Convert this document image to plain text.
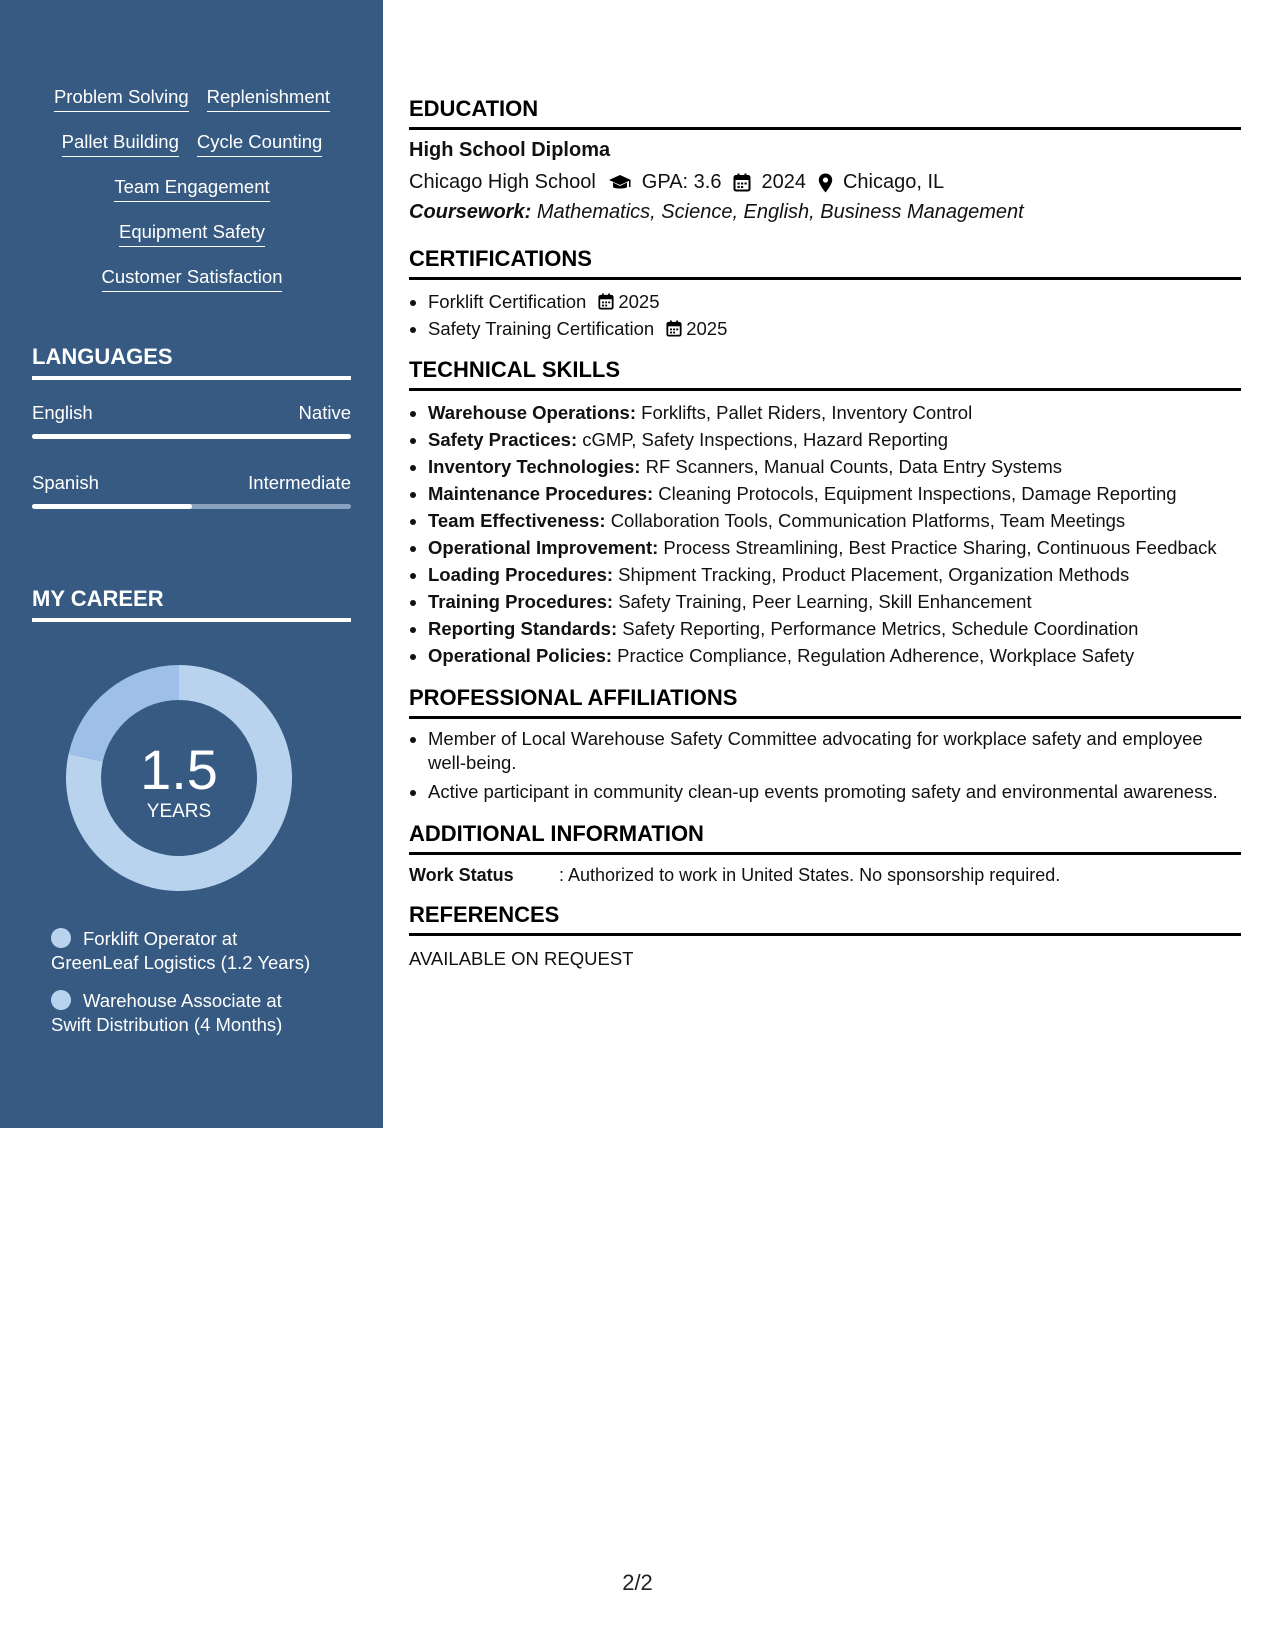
Problem Solving Replenishment
Pallet Building Cycle Counting
Team Engagement
Equipment Safety
Customer Satisfaction
LANGUAGES
English	Native
Spanish	Intermediate
MY CAREER
1.5
YEARS
Forklift Operator at
GreenLeaf Logistics (1.2 Years)
Warehouse Associate at
Swift Distribution (4 Months)
EDUCATION
High School Diploma
Chicago High School GPA: 3.6 2024 Chicago, IL
Coursework: Mathematics, Science, English, Business Management
CERTIFICATIONS
• Forklift Certification 2025
• Safety Training Certification 2025
TECHNICAL SKILLS
• Warehouse Operations: Forklifts, Pallet Riders, Inventory Control
• Safety Practices: cGMP, Safety Inspections, Hazard Reporting
• Inventory Technologies: RF Scanners, Manual Counts, Data Entry Systems
• Maintenance Procedures: Cleaning Protocols, Equipment Inspections, Damage Reporting
• Team Effectiveness: Collaboration Tools, Communication Platforms, Team Meetings
• Operational Improvement: Process Streamlining, Best Practice Sharing, Continuous Feedback
• Loading Procedures: Shipment Tracking, Product Placement, Organization Methods
• Training Procedures: Safety Training, Peer Learning, Skill Enhancement
• Reporting Standards: Safety Reporting, Performance Metrics, Schedule Coordination
• Operational Policies: Practice Compliance, Regulation Adherence, Workplace Safety
PROFESSIONAL AFFILIATIONS
• Member of Local Warehouse Safety Committee advocating for workplace safety and employee well-being.
• Active participant in community clean-up events promoting safety and environmental awareness.
ADDITIONAL INFORMATION
Work Status	: Authorized to work in United States. No sponsorship required.
REFERENCES
AVAILABLE ON REQUEST
2/2
